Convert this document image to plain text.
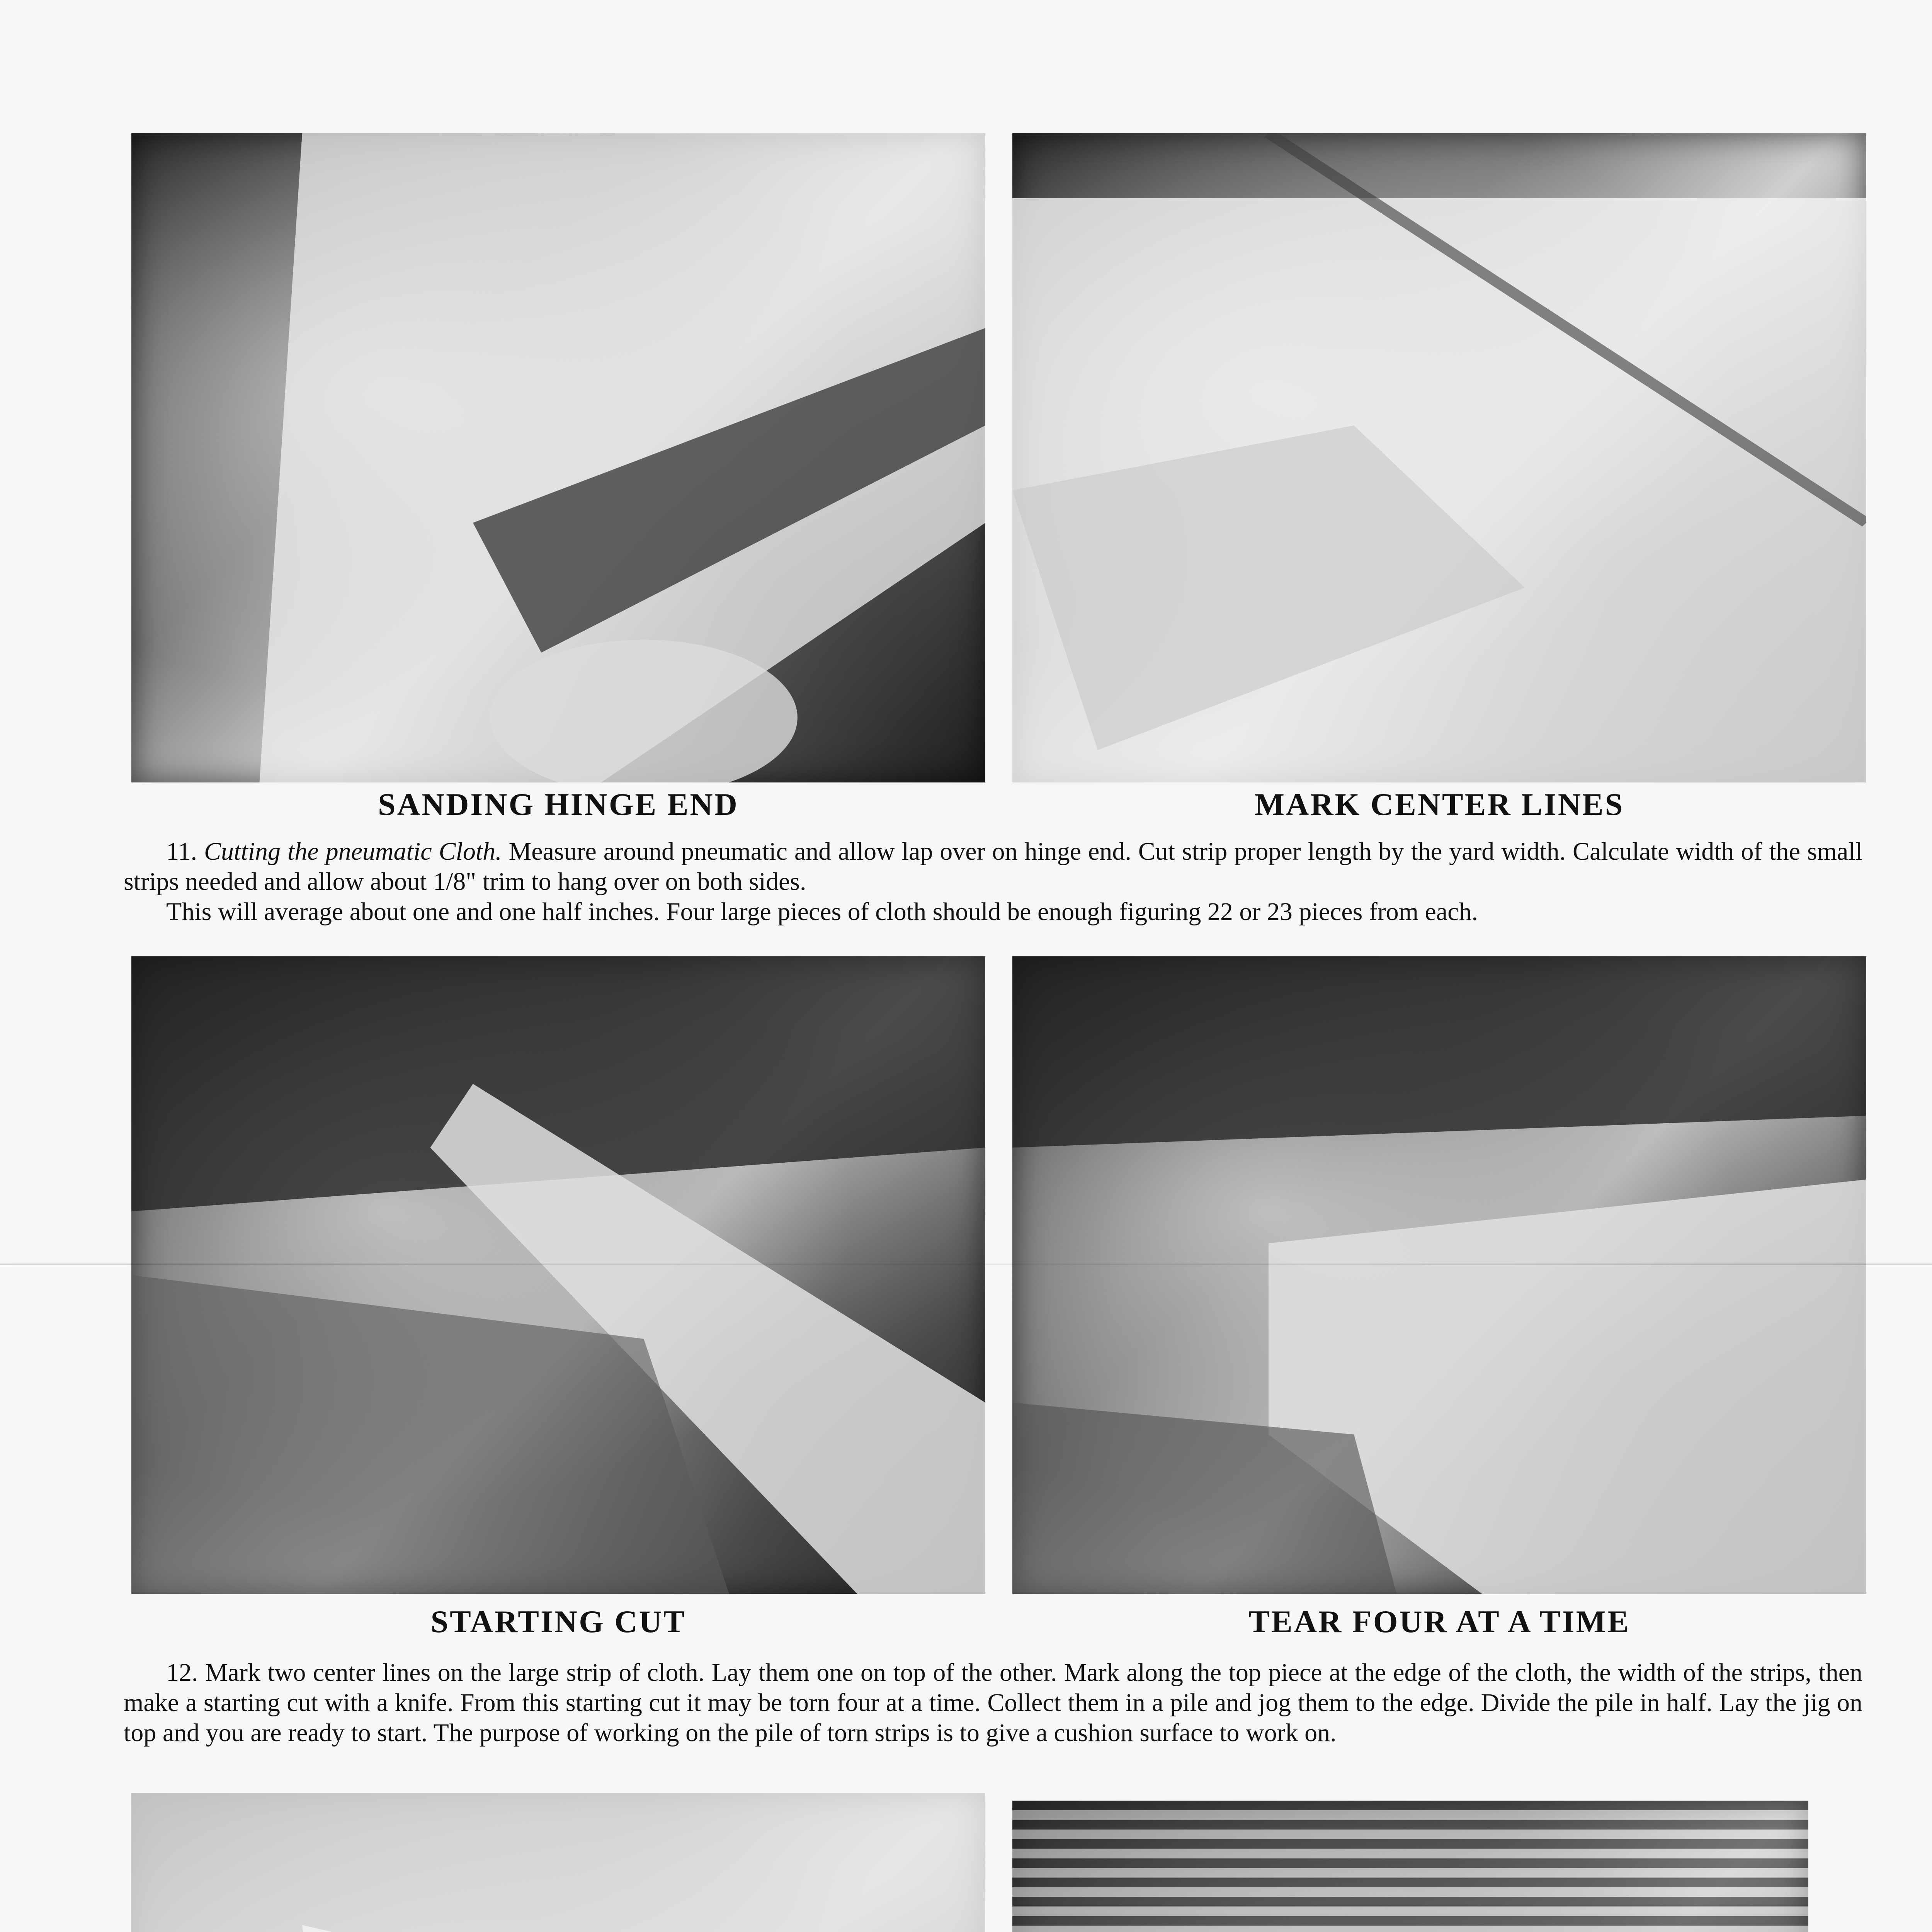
SANDING HINGE END	MARK CENTER LINES

11. Cutting the pneumatic Cloth. Measure around pneumatic and allow lap over on hinge end. Cut strip proper length by the yard width. Calculate width of the small strips needed and allow about 1/8" trim to hang over on both sides.

This will average about one and one half inches. Four large pieces of cloth should be enough figuring 22 or 23 pieces from each.

STARTING CUT	TEAR FOUR AT A TIME

12. Mark two center lines on the large strip of cloth. Lay them one on top of the other. Mark along the top piece at the edge of the cloth, the width of the strips, then make a starting cut with a knife. From this starting cut it may be torn four at a time. Collect them in a pile and jog them to the edge. Divide the pile in half. Lay the jig on top and you are ready to start. The purpose of working on the pile of torn strips is to give a cushion surface to work on.
